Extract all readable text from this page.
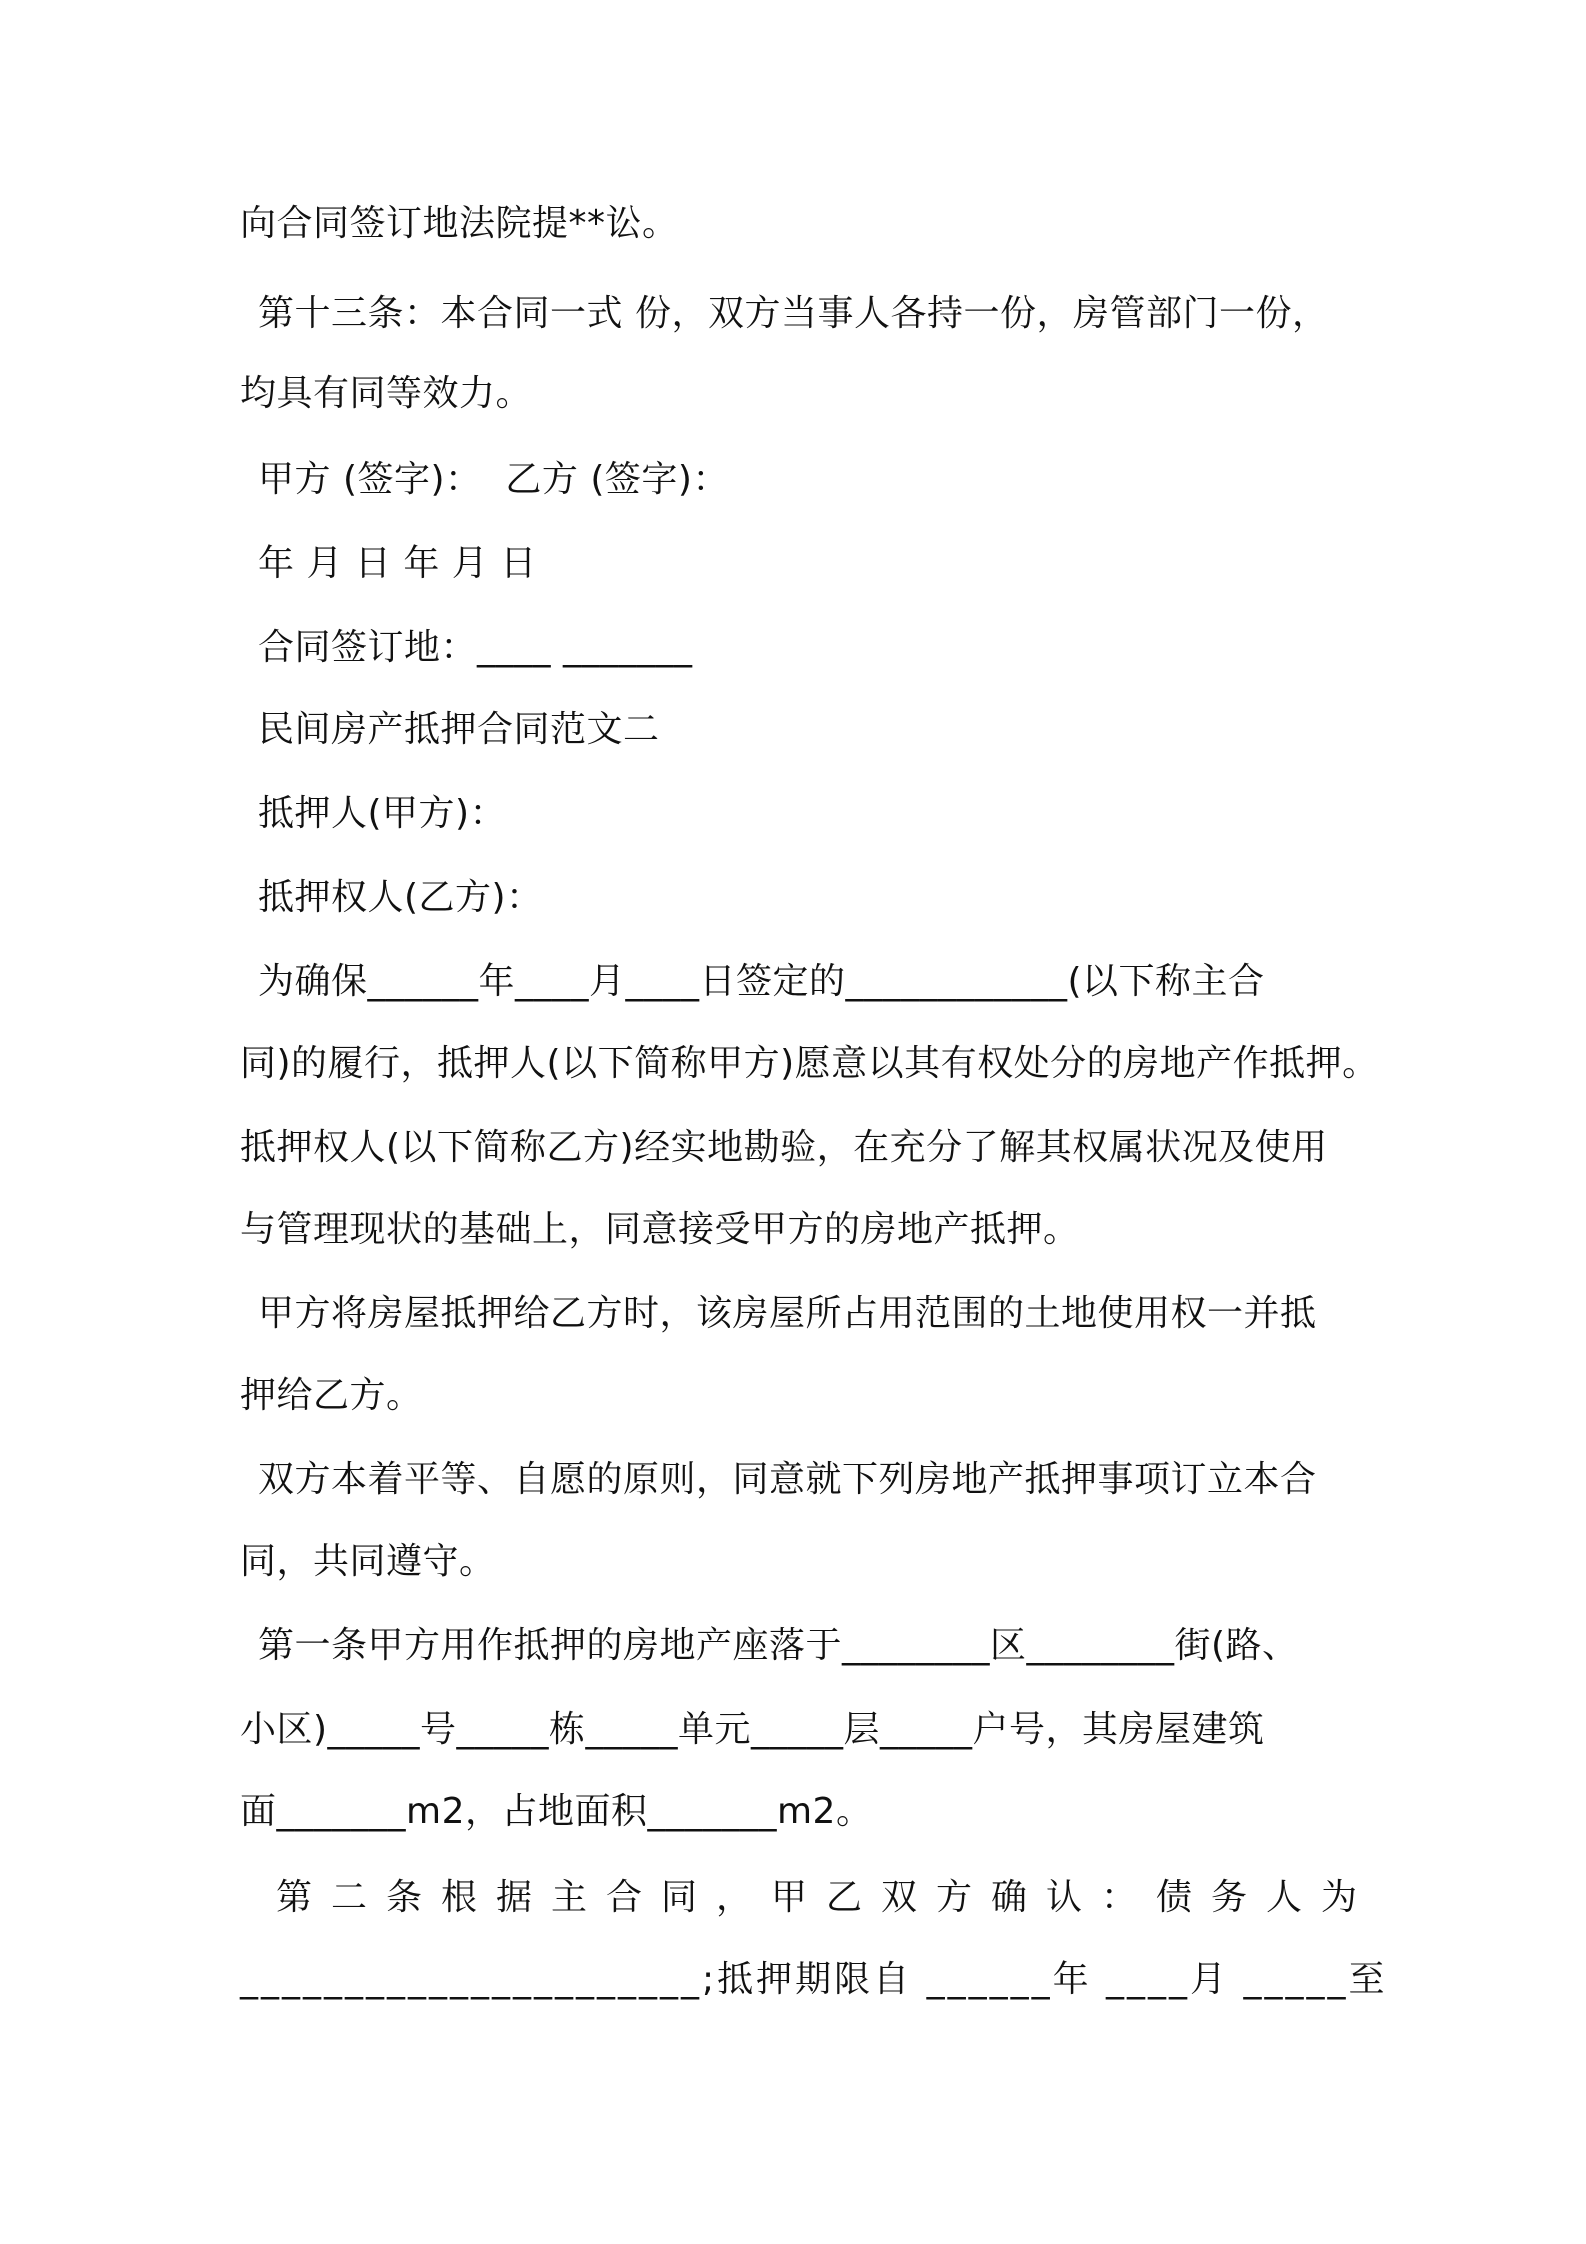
向合同签订地法院提**讼。
第十三条：本合同一式 份，双方当事人各持一份，房管部门一份，
均具有同等效力。
甲方 (签字)：  乙方 (签字)：
年 月 日 年 月 日
合同签订地：____ _______
民间房产抵押合同范文二
抵押人(甲方)：
抵押权人(乙方)：
为确保______年____月____日签定的____________(以下称主合
同)的履行，抵押人(以下简称甲方)愿意以其有权处分的房地产作抵押。
抵押权人(以下简称乙方)经实地勘验，在充分了解其权属状况及使用
与管理现状的基础上，同意接受甲方的房地产抵押。
甲方将房屋抵押给乙方时，该房屋所占用范围的土地使用权一并抵
押给乙方。
双方本着平等、自愿的原则，同意就下列房地产抵押事项订立本合
同，共同遵守。
第一条甲方用作抵押的房地产座落于________区________街(路、
小区)_____号_____栋_____单元_____层_____户号，其房屋建筑
面_______m2，占地面积_______m2。
第二条根据主合同，甲乙双方确认：债务人为
______________________;抵押期限自 ______年 ____月 _____至
